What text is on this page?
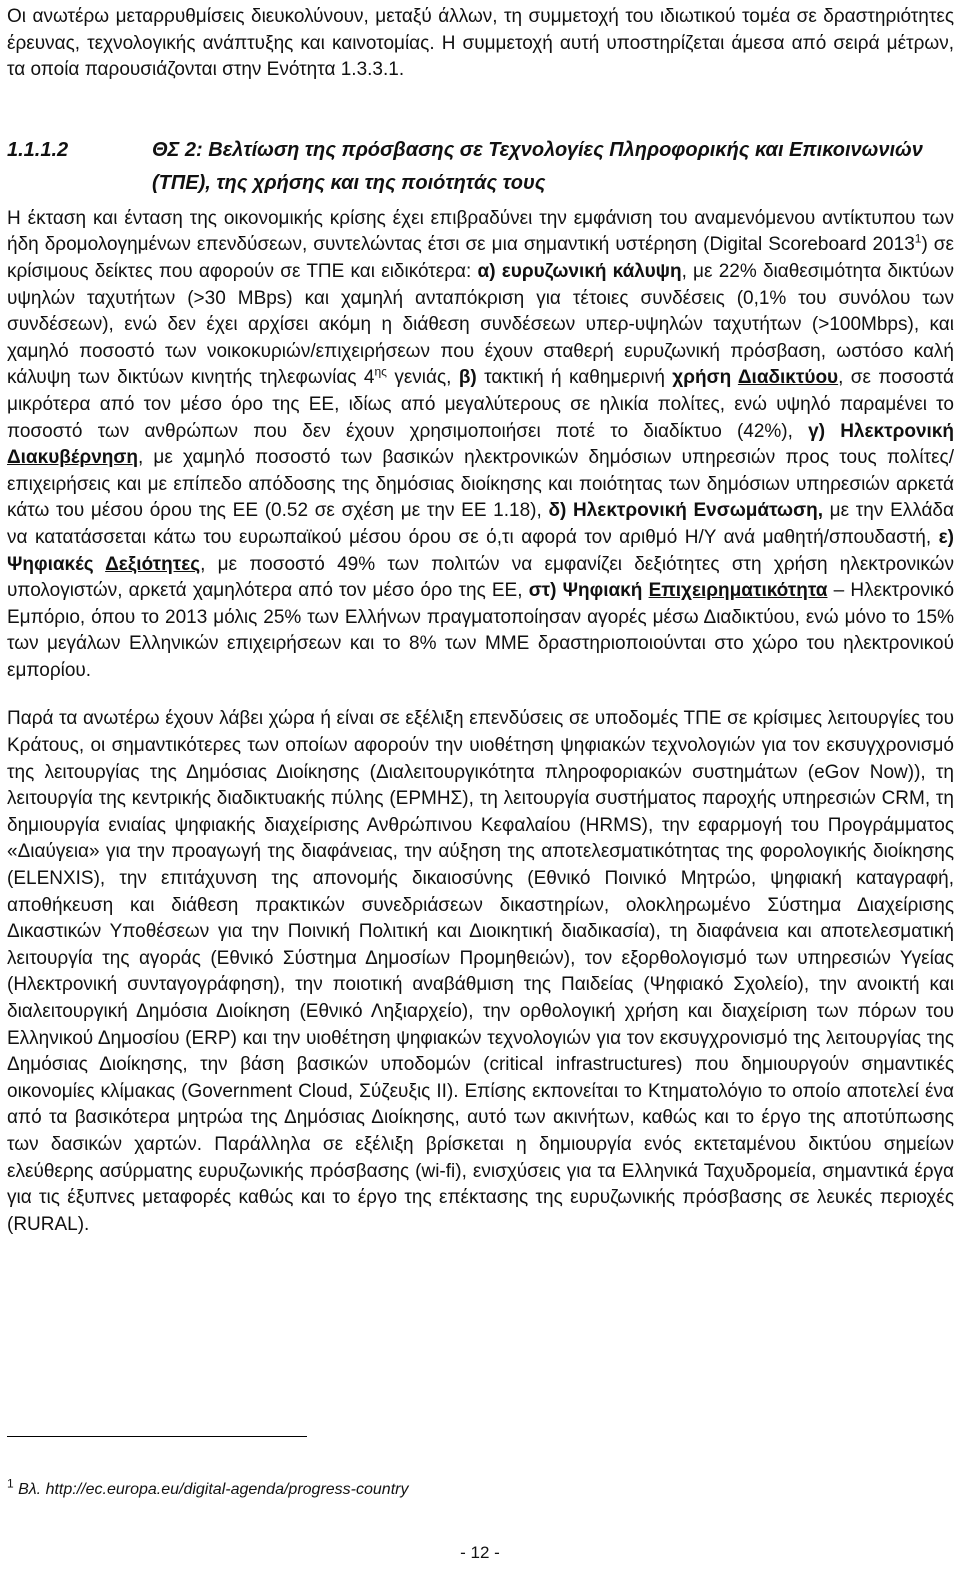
Οι ανωτέρω μεταρρυθμίσεις διευκολύνουν, μεταξύ άλλων, τη συμμετοχή του ιδιωτικού τομέα σε δραστηριότητες έρευνας, τεχνολογικής ανάπτυξης και καινοτομίας. Η συμμετοχή αυτή υποστηρίζεται άμεσα από σειρά μέτρων, τα οποία παρουσιάζονται στην Ενότητα 1.3.3.1.

1.1.1.2	ΘΣ 2: Βελτίωση της πρόσβασης σε Τεχνολογίες Πληροφορικής και Επικοινωνιών (ΤΠΕ), της χρήσης και της ποιότητάς τους

Η έκταση και ένταση της οικονομικής κρίσης έχει επιβραδύνει την εμφάνιση του αναμενόμενου αντίκτυπου των ήδη δρομολογημένων επενδύσεων, συντελώντας έτσι σε μια σημαντική υστέρηση (Digital Scoreboard 2013$^1$) σε κρίσιμους δείκτες που αφορούν σε ΤΠΕ και ειδικότερα: α) ευρυζωνική κάλυψη, με 22% διαθεσιμότητα δικτύων υψηλών ταχυτήτων (>30 MBps) και χαμηλή ανταπόκριση για τέτοιες συνδέσεις (0,1% του συνόλου των συνδέσεων), ενώ δεν έχει αρχίσει ακόμη η διάθεση συνδέσεων υπερ-υψηλών ταχυτήτων (>100Mbps), και χαμηλό ποσοστό των νοικοκυριών/επιχειρήσεων που έχουν σταθερή ευρυζωνική πρόσβαση, ωστόσο καλή κάλυψη των δικτύων κινητής τηλεφωνίας $4^{\eta\varsigma}$ γενιάς, β) τακτική ή καθημερινή χρήση Διαδικτύου, σε ποσοστά μικρότερα από τον μέσο όρο της ΕΕ, ιδίως από μεγαλύτερους σε ηλικία πολίτες, ενώ υψηλό παραμένει το ποσοστό των ανθρώπων που δεν έχουν χρησιμοποιήσει ποτέ το διαδίκτυο (42%), γ) Ηλεκτρονική Διακυβέρνηση, με χαμηλό ποσοστό των βασικών ηλεκτρονικών δημόσιων υπηρεσιών προς τους πολίτες/επιχειρήσεις και με επίπεδο απόδοσης της δημόσιας διοίκησης και ποιότητας των δημόσιων υπηρεσιών αρκετά κάτω του μέσου όρου της ΕΕ (0.52 σε σχέση με την ΕΕ 1.18), δ) Ηλεκτρονική Ενσωμάτωση, με την Ελλάδα να κατατάσσεται κάτω του ευρωπαϊκού μέσου όρου σε ό,τι αφορά τον αριθμό Η/Υ ανά μαθητή/σπουδαστή, ε) Ψηφιακές Δεξιότητες, με ποσοστό 49% των πολιτών να εμφανίζει δεξιότητες στη χρήση ηλεκτρονικών υπολογιστών, αρκετά χαμηλότερα από τον μέσο όρο της ΕΕ, στ) Ψηφιακή Επιχειρηματικότητα – Ηλεκτρονικό Εμπόριο, όπου το 2013 μόλις 25% των Ελλήνων πραγματοποίησαν αγορές μέσω Διαδικτύου, ενώ μόνο το 15% των μεγάλων Ελληνικών επιχειρήσεων και το 8% των ΜΜΕ δραστηριοποιούνται στο χώρο του ηλεκτρονικού εμπορίου.

Παρά τα ανωτέρω έχουν λάβει χώρα ή είναι σε εξέλιξη επενδύσεις σε υποδομές ΤΠΕ σε κρίσιμες λειτουργίες του Κράτους, οι σημαντικότερες των οποίων αφορούν την υιοθέτηση ψηφιακών τεχνολογιών για τον εκσυγχρονισμό της λειτουργίας της Δημόσιας Διοίκησης (Διαλειτουργικότητα πληροφοριακών συστημάτων (eGov Now)), τη λειτουργία της κεντρικής διαδικτυακής πύλης (ΕΡΜΗΣ), τη λειτουργία συστήματος παροχής υπηρεσιών CRM, τη δημιουργία ενιαίας ψηφιακής διαχείρισης Ανθρώπινου Κεφαλαίου (HRMS), την εφαρμογή του Προγράμματος «Διαύγεια» για την προαγωγή της διαφάνειας, την αύξηση της αποτελεσματικότητας της φορολογικής διοίκησης (ELENXIS), την επιτάχυνση της απονομής δικαιοσύνης (Εθνικό Ποινικό Μητρώο, ψηφιακή καταγραφή, αποθήκευση και διάθεση πρακτικών συνεδριάσεων δικαστηρίων, ολοκληρωμένο Σύστημα Διαχείρισης Δικαστικών Υποθέσεων για την Ποινική Πολιτική και Διοικητική διαδικασία), τη διαφάνεια και αποτελεσματική λειτουργία της αγοράς (Εθνικό Σύστημα Δημοσίων Προμηθειών), τον εξορθολογισμό των υπηρεσιών Υγείας (Ηλεκτρονική συνταγογράφηση), την ποιοτική αναβάθμιση της Παιδείας (Ψηφιακό Σχολείο), την ανοικτή και διαλειτουργική Δημόσια Διοίκηση (Εθνικό Ληξιαρχείο), την ορθολογική χρήση και διαχείριση των πόρων του Ελληνικού Δημοσίου (ERP) και την υιοθέτηση ψηφιακών τεχνολογιών για τον εκσυγχρονισμό της λειτουργίας της Δημόσιας Διοίκησης, την βάση βασικών υποδομών (critical infrastructures) που δημιουργούν σημαντικές οικονομίες κλίμακας (Government Cloud, Σύζευξις ΙΙ). Επίσης εκπονείται το Κτηματολόγιο το οποίο αποτελεί ένα από τα βασικότερα μητρώα της Δημόσιας Διοίκησης, αυτό των ακινήτων, καθώς και το έργο της αποτύπωσης των δασικών χαρτών. Παράλληλα σε εξέλιξη βρίσκεται η δημιουργία ενός εκτεταμένου δικτύου σημείων ελεύθερης ασύρματης ευρυζωνικής πρόσβασης (wi-fi), ενισχύσεις για τα Ελληνικά Ταχυδρομεία, σημαντικά έργα για τις έξυπνες μεταφορές καθώς και το έργο της επέκτασης της ευρυζωνικής πρόσβασης σε λευκές περιοχές (RURAL).

$^1$ Βλ. http://ec.europa.eu/digital-agenda/progress-country
- 12 -
